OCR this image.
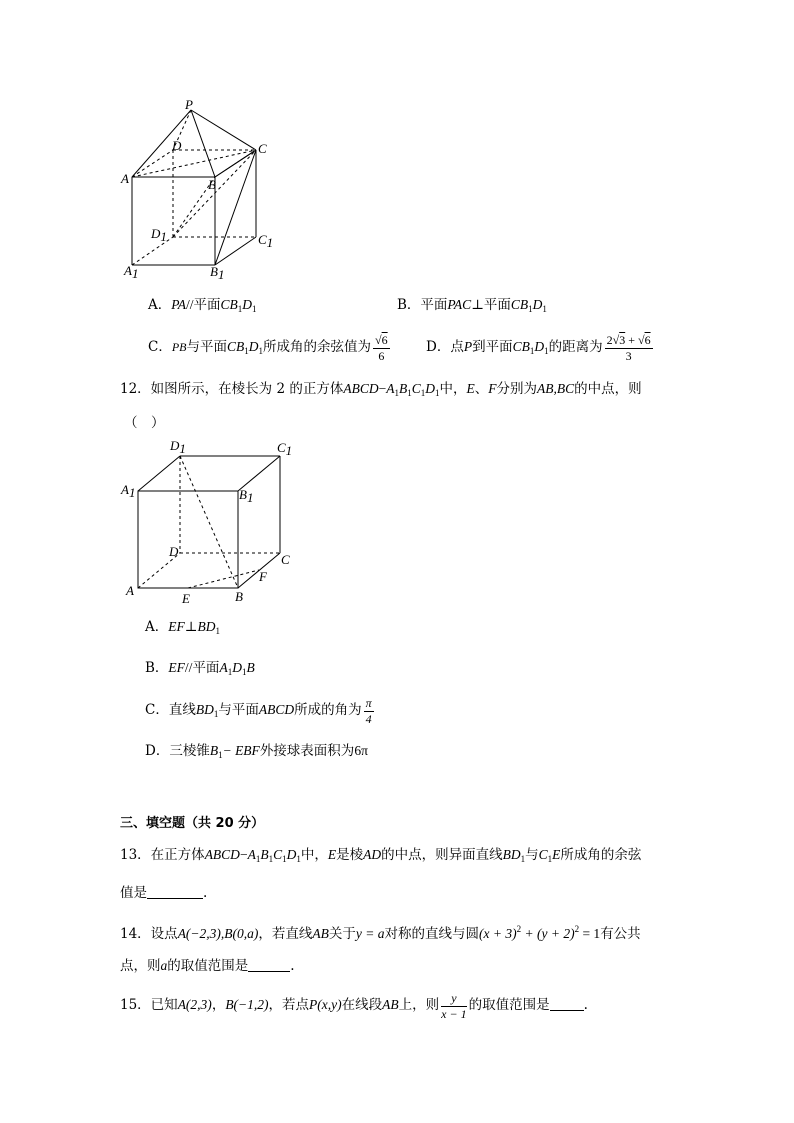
P
D	C
A	B
D1	C1
A1	B1
A．PA//平面$CB_1D_1$	B．平面PAC⊥平面$CB_1D_1$
C．PB与平面$CB_1D_1$所成角的余弦值为 $\frac{√6}{6}$	D．点P到平面$CB_1D_1$的距离为 $\frac{2√3 + √6}{3}$
12．如图所示，在棱长为 2 的正方体$ABCD-A_1B_1C_1D_1$中，E、F分别为AB,BC的中点，则
（　）
D1	C1
A1	B1
D
C
F
A
E	B
A．$EF\perp BD_1$
B．EF//平面$A_1D_1B$
C．直线$BD_1$与平面ABCD所成的角为 $\frac{\pi}{4}$
D．三棱锥$B_1-$ EBF外接球表面积为6π
三、填空题（共 20 分）
13．在正方体$ABCD-A_1B_1C_1D_1$中，E是棱AD的中点，则异面直线$BD_1$与$C_1E$所成角的余弦
值是	.
14．设点A(−2,3),B(0,a)，若直线AB关于y = a对称的直线与圆$(x + 3)^2 + (y + 2)^2 = 1$有公共
点，则a的取值范围是	.
15．已知A(2,3)，B(−1,2)，若点P(x,y)在线段AB上，则 $\frac{y}{x - 1}$ 的取值范围是	.
